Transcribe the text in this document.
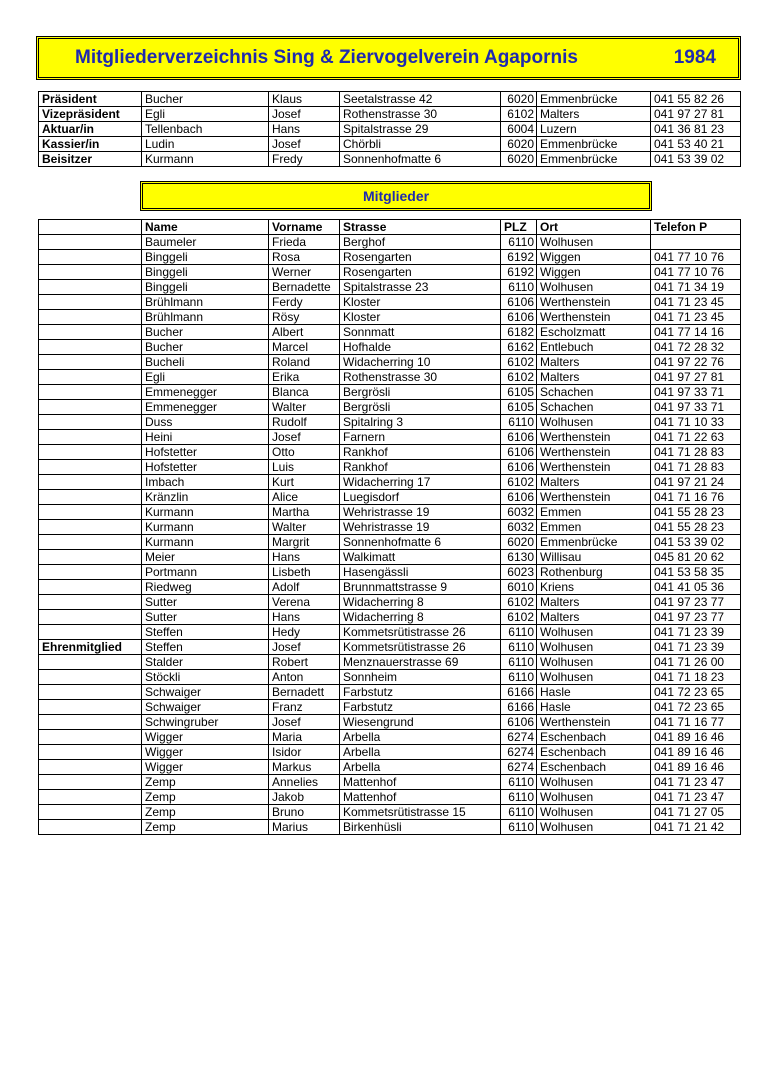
Mitgliederverzeichnis Sing & Ziervogelverein Agapornis	1984
Präsident	Bucher	Klaus	Seetalstrasse 42	6020	Emmenbrücke	041 55 82 26
Vizepräsident	Egli	Josef	Rothenstrasse 30	6102	Malters	041 97 27 81
Aktuar/in	Tellenbach	Hans	Spitalstrasse 29	6004	Luzern	041 36 81 23
Kassier/in	Ludin	Josef	Chörbli	6020	Emmenbrücke	041 53 40 21
Beisitzer	Kurmann	Fredy	Sonnenhofmatte 6	6020	Emmenbrücke	041 53 39 02
Mitglieder
	Name	Vorname	Strasse	PLZ	Ort	Telefon P
	Baumeler	Frieda	Berghof	6110	Wolhusen	
	Binggeli	Rosa	Rosengarten	6192	Wiggen	041 77 10 76
	Binggeli	Werner	Rosengarten	6192	Wiggen	041 77 10 76
	Binggeli	Bernadette	Spitalstrasse 23	6110	Wolhusen	041 71 34 19
	Brühlmann	Ferdy	Kloster	6106	Werthenstein	041 71 23 45
	Brühlmann	Rösy	Kloster	6106	Werthenstein	041 71 23 45
	Bucher	Albert	Sonnmatt	6182	Escholzmatt	041 77 14 16
	Bucher	Marcel	Hofhalde	6162	Entlebuch	041 72 28 32
	Bucheli	Roland	Widacherring 10	6102	Malters	041 97 22 76
	Egli	Erika	Rothenstrasse 30	6102	Malters	041 97 27 81
	Emmenegger	Blanca	Bergrösli	6105	Schachen	041 97 33 71
	Emmenegger	Walter	Bergrösli	6105	Schachen	041 97 33 71
	Duss	Rudolf	Spitalring 3	6110	Wolhusen	041 71 10 33
	Heini	Josef	Farnern	6106	Werthenstein	041 71 22 63
	Hofstetter	Otto	Rankhof	6106	Werthenstein	041 71 28 83
	Hofstetter	Luis	Rankhof	6106	Werthenstein	041 71 28 83
	Imbach	Kurt	Widacherring 17	6102	Malters	041 97 21 24
	Kränzlin	Alice	Luegisdorf	6106	Werthenstein	041 71 16 76
	Kurmann	Martha	Wehristrasse 19	6032	Emmen	041 55 28 23
	Kurmann	Walter	Wehristrasse 19	6032	Emmen	041 55 28 23
	Kurmann	Margrit	Sonnenhofmatte 6	6020	Emmenbrücke	041 53 39 02
	Meier	Hans	Walkimatt	6130	Willisau	045 81 20 62
	Portmann	Lisbeth	Hasengässli	6023	Rothenburg	041 53 58 35
	Riedweg	Adolf	Brunnmattstrasse 9	6010	Kriens	041 41 05 36
	Sutter	Verena	Widacherring 8	6102	Malters	041 97 23 77
	Sutter	Hans	Widacherring 8	6102	Malters	041 97 23 77
	Steffen	Hedy	Kommetsrütistrasse 26	6110	Wolhusen	041 71 23 39
Ehrenmitglied	Steffen	Josef	Kommetsrütistrasse 26	6110	Wolhusen	041 71 23 39
	Stalder	Robert	Menznauerstrasse 69	6110	Wolhusen	041 71 26 00
	Stöckli	Anton	Sonnheim	6110	Wolhusen	041 71 18 23
	Schwaiger	Bernadett	Farbstutz	6166	Hasle	041 72 23 65
	Schwaiger	Franz	Farbstutz	6166	Hasle	041 72 23 65
	Schwingruber	Josef	Wiesengrund	6106	Werthenstein	041 71 16 77
	Wigger	Maria	Arbella	6274	Eschenbach	041 89 16 46
	Wigger	Isidor	Arbella	6274	Eschenbach	041 89 16 46
	Wigger	Markus	Arbella	6274	Eschenbach	041 89 16 46
	Zemp	Annelies	Mattenhof	6110	Wolhusen	041 71 23 47
	Zemp	Jakob	Mattenhof	6110	Wolhusen	041 71 23 47
	Zemp	Bruno	Kommetsrütistrasse 15	6110	Wolhusen	041 71 27 05
	Zemp	Marius	Birkenhüsli	6110	Wolhusen	041 71 21 42
